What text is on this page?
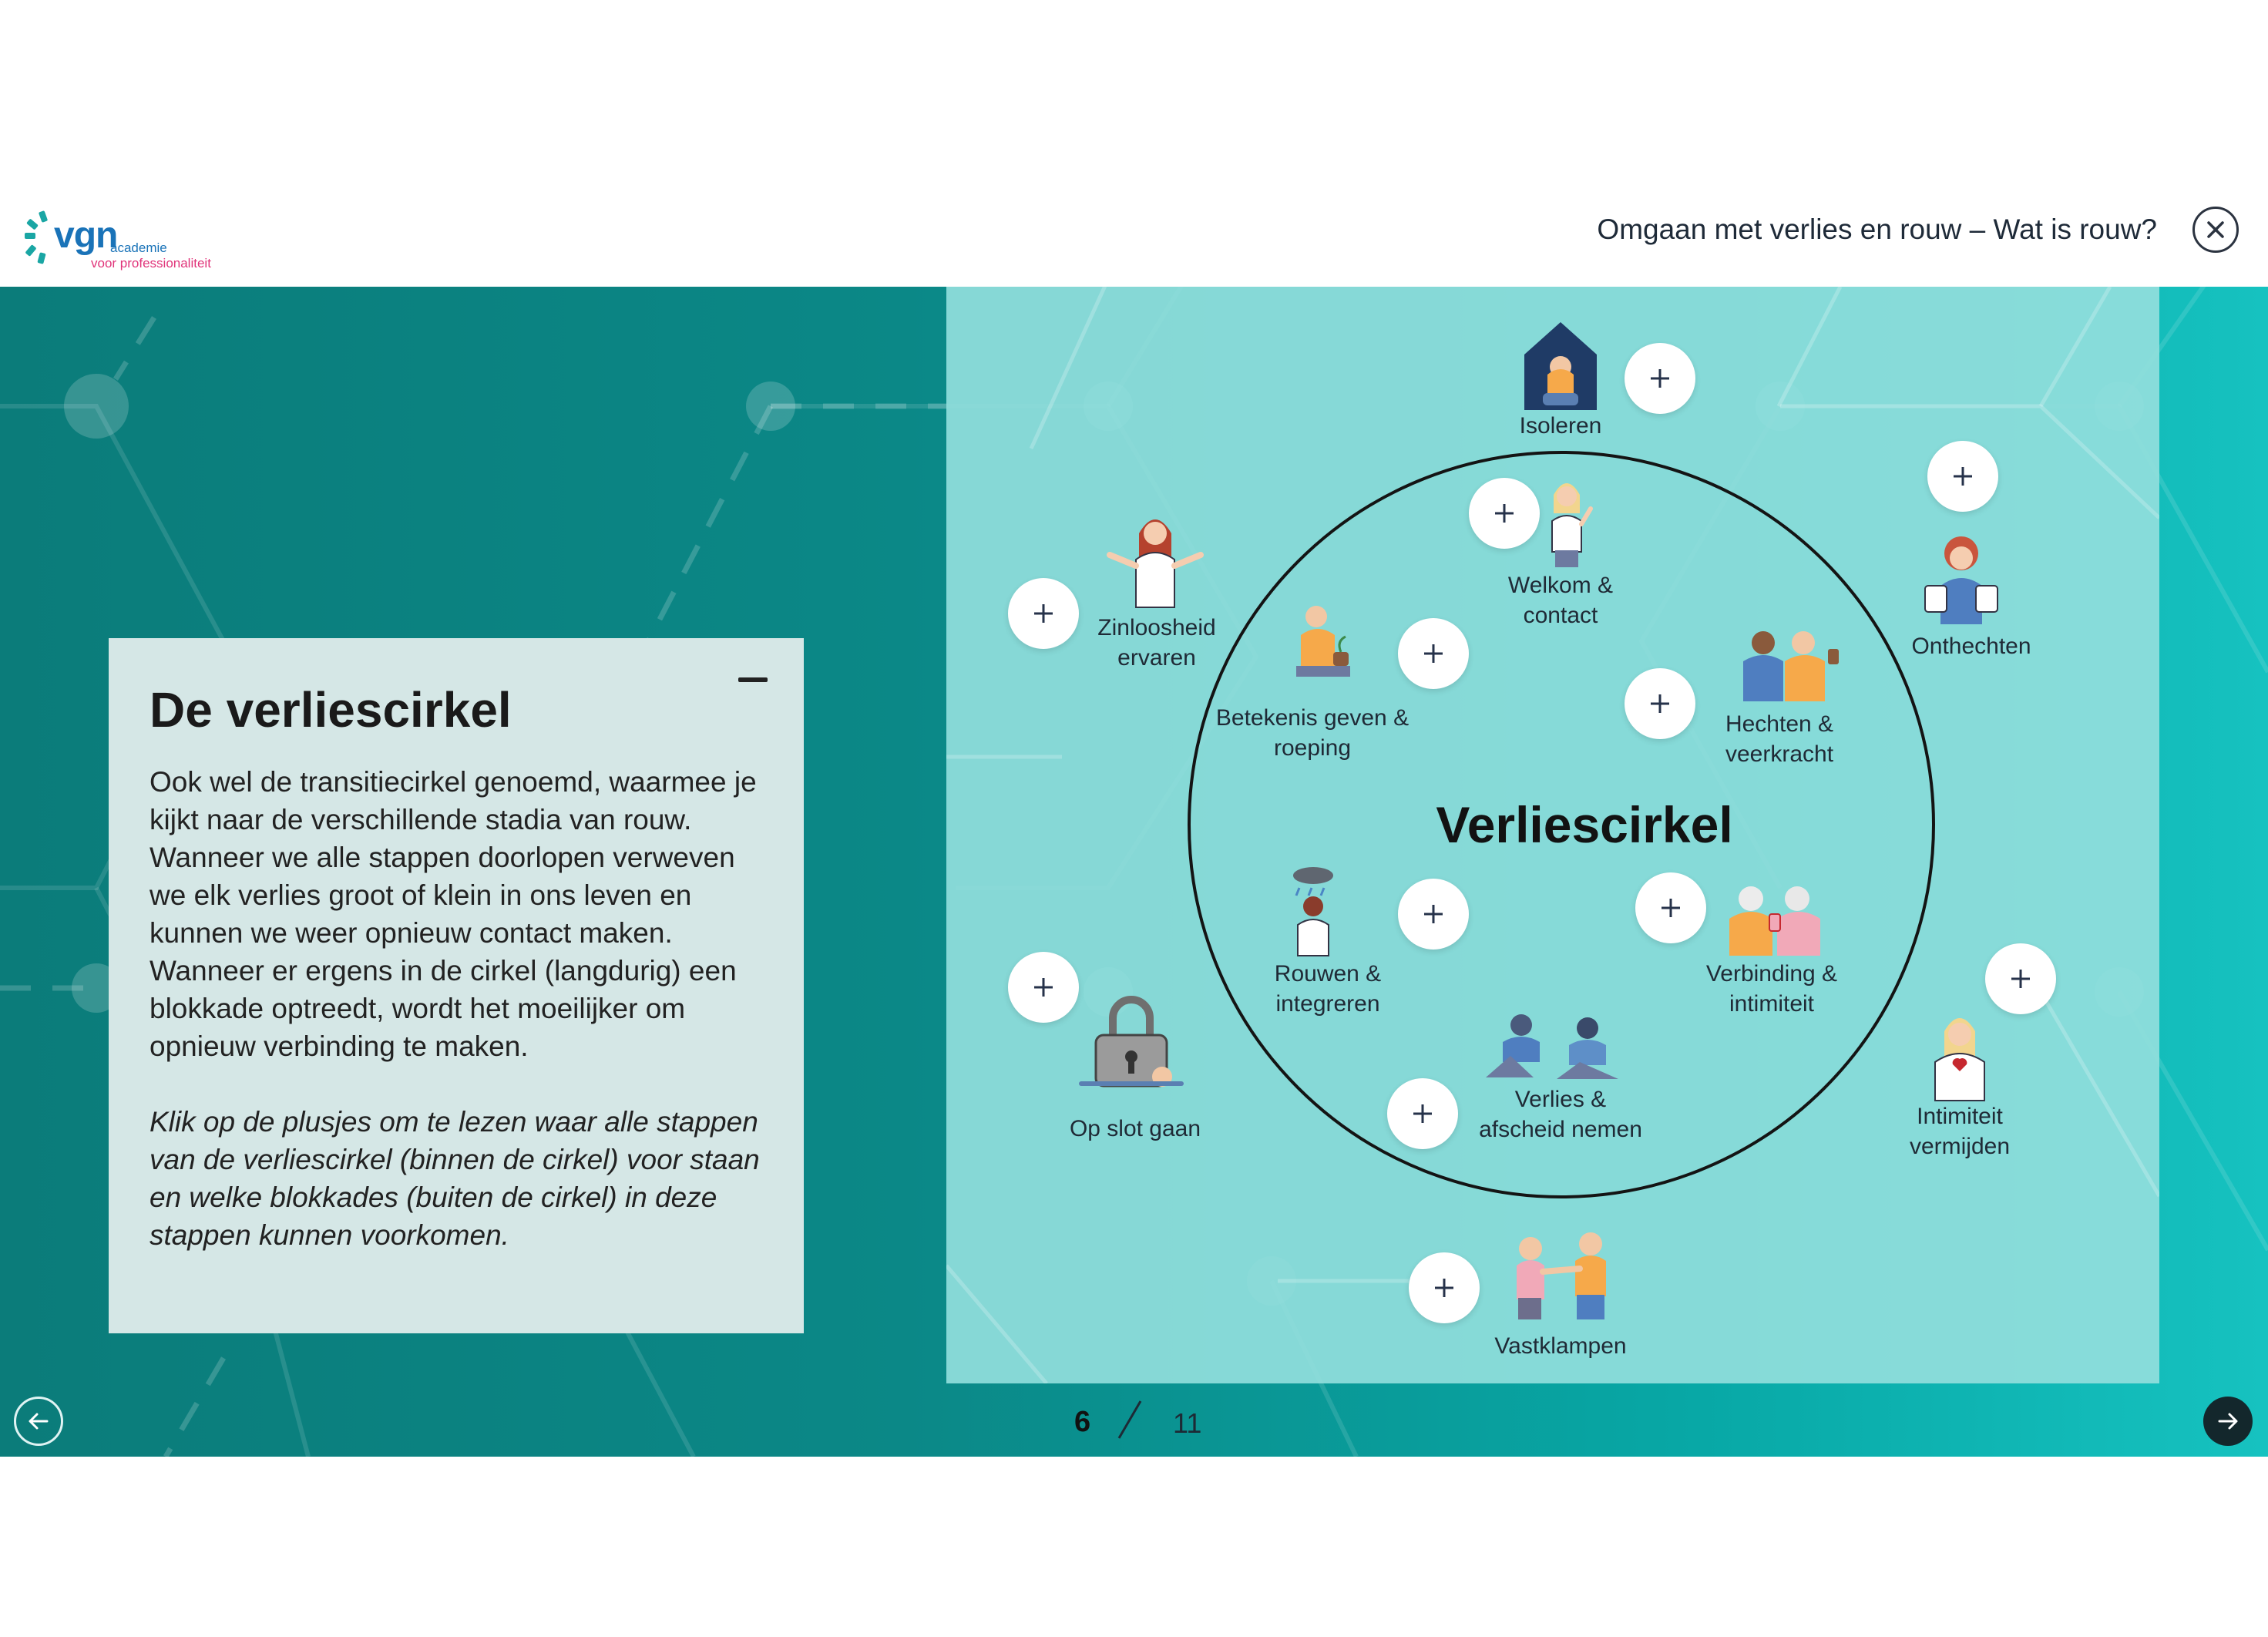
vgn
academie
voor professionaliteit
Omgaan met verlies en rouw – Wat is rouw?
De verliescirkel

Ook wel de transitiecirkel genoemd, waarmee je kijkt naar de verschillende stadia van rouw. Wanneer we alle stappen doorlopen verweven we elk verlies groot of klein in ons leven en kunnen we weer opnieuw contact maken. Wanneer er ergens in de cirkel (langdurig) een blokkade optreedt, wordt het moeilijker om opnieuw verbinding te maken.

Klik op de plusjes om te lezen waar alle stappen van de verliescirkel (binnen de cirkel) voor staan en welke blokkades (buiten de cirkel) in deze stappen kunnen voorkomen.

Verliescirkel
Isoleren
Onthechten
Intimiteit
vermijden
Vastklampen
Op slot gaan
Zinloosheid
ervaren
Welkom &
contact
Hechten &
veerkracht
Verbinding &
intimiteit
Verlies &
afscheid nemen
Rouwen &
integreren
Betekenis geven &
roeping
6	11
